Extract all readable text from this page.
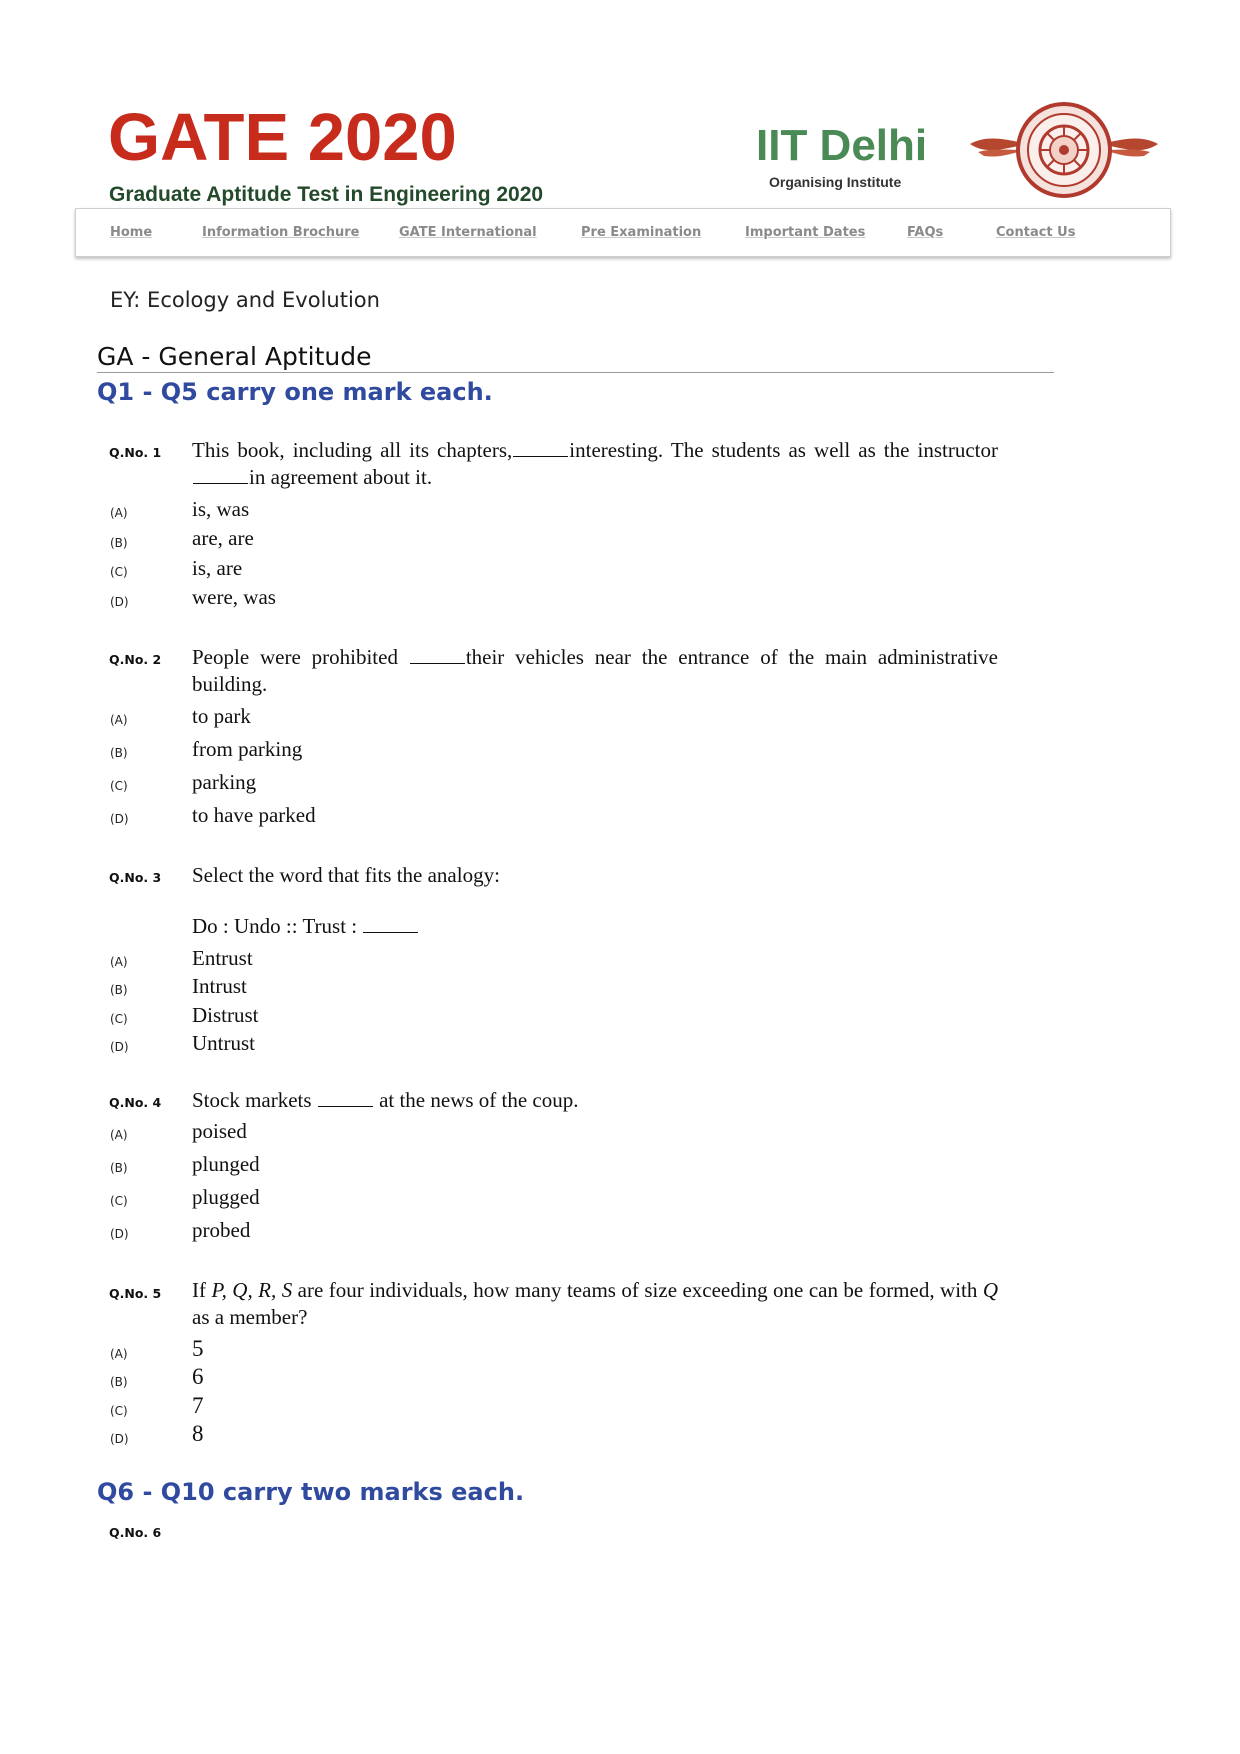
GATE 2020
Graduate Aptitude Test in Engineering 2020
IIT Delhi
Organising Institute
Home	Information Brochure	GATE International	Pre Examination	Important Dates	FAQs	Contact Us
EY: Ecology and Evolution
GA - General Aptitude
Q1 - Q5 carry one mark each.
Q.No. 1 This book, including all its chapters,	interesting. The students as well as the instructorin agreement about it.
(A)	is, was
(B)	are, are
(C)	is, are
(D)	were, was
Q.No. 2 People were prohibited	their vehicles near the entrance of the main administrative building.
(A)	to park
(B)	from parking
(C)	parking
(D)	to have parked
Q.No. 3 Select the word that fits the analogy:
Do : Undo :: Trust :
(A)	Entrust
(B)	Intrust
(C)	Distrust
(D)	Untrust
Q.No. 4 Stock markets	at the news of the coup.
(A)	poised
(B)	plunged
(C)	plugged
(D)	probed
Q.No. 5 If P, Q, R, S are four individuals, how many teams of size exceeding one can be formed, with Q as a member?
(A)	5
(B)	6
(C)	7
(D)	8
Q6 - Q10 carry two marks each.
Q.No. 6
